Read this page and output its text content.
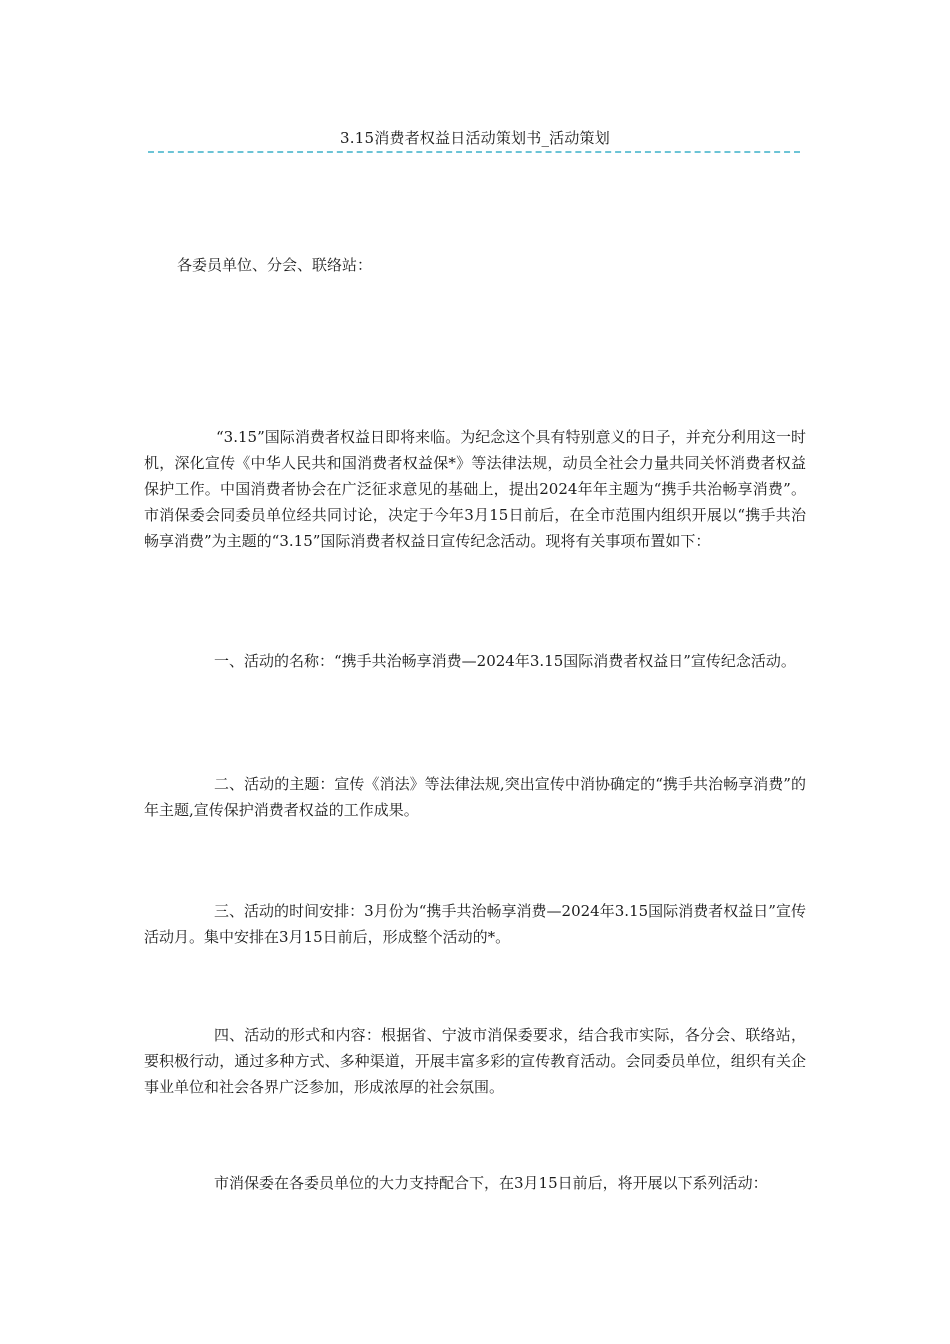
3.15消费者权益日活动策划书_活动策划

各委员单位、分会、联络站：

“3.15”国际消费者权益日即将来临。为纪念这个具有特别意义的日子，并充分利用这一时机，深化宣传《中华人民共和国消费者权益保*》等法律法规，动员全社会力量共同关怀消费者权益保护工作。中国消费者协会在广泛征求意见的基础上，提出2024年年主题为“携手共治畅享消费”。市消保委会同委员单位经共同讨论，决定于今年3月15日前后，在全市范围内组织开展以“携手共治畅享消费”为主题的“3.15”国际消费者权益日宣传纪念活动。现将有关事项布置如下：

一、活动的名称：“携手共治畅享消费—2024年3.15国际消费者权益日”宣传纪念活动。

二、活动的主题：宣传《消法》等法律法规,突出宣传中消协确定的“携手共治畅享消费”的年主题,宣传保护消费者权益的工作成果。

三、活动的时间安排：3月份为“携手共治畅享消费—2024年3.15国际消费者权益日”宣传活动月。集中安排在3月15日前后，形成整个活动的*。

四、活动的形式和内容：根据省、宁波市消保委要求，结合我市实际，各分会、联络站，要积极行动，通过多种方式、多种渠道，开展丰富多彩的宣传教育活动。会同委员单位，组织有关企事业单位和社会各界广泛参加，形成浓厚的社会氛围。

市消保委在各委员单位的大力支持配合下，在3月15日前后，将开展以下系列活动：
